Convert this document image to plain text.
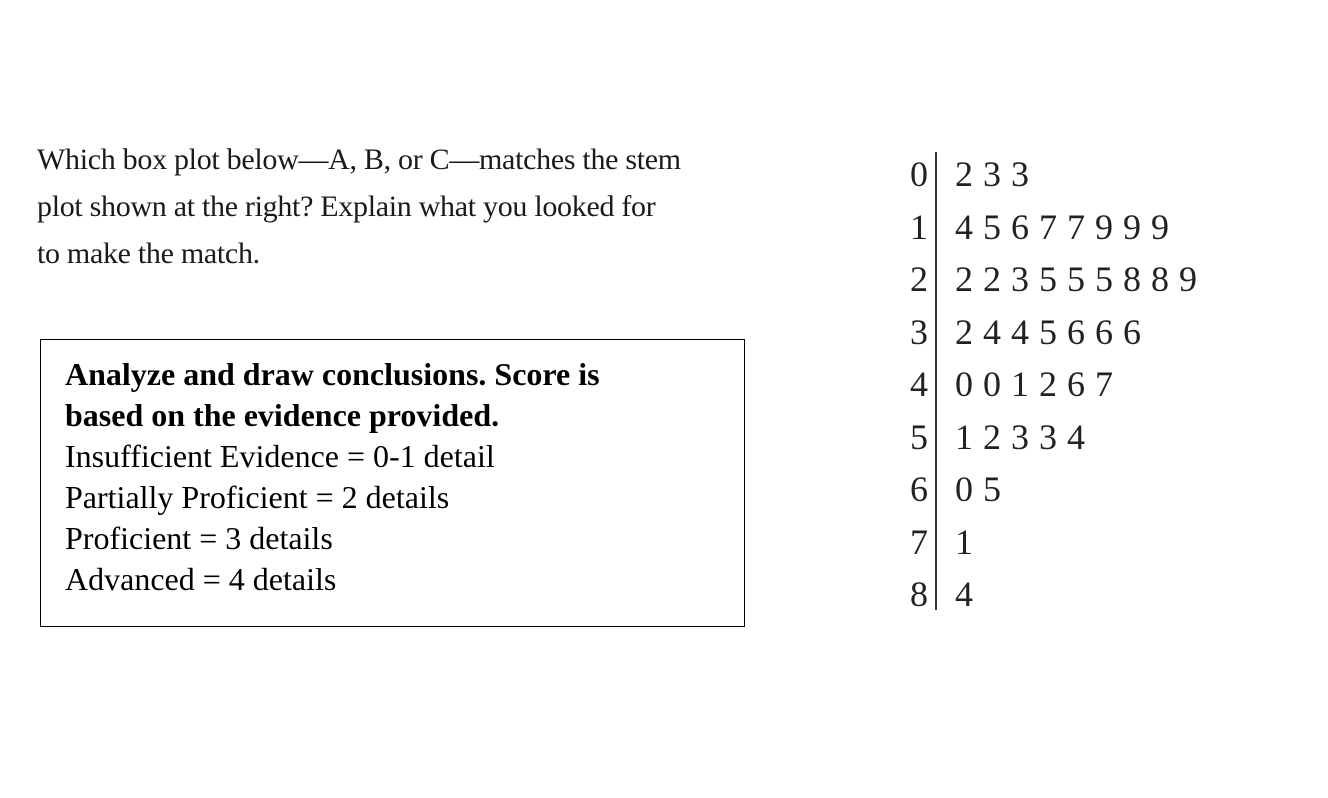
Which box plot below—A, B, or C—matches the stem
plot shown at the right? Explain what you looked for
to make the match.
Analyze and draw conclusions. Score is
based on the evidence provided.
Insufficient Evidence = 0-1 detail
Partially Proficient = 2 details
Proficient = 3 details
Advanced = 4 details
0 2 3 3
1 4 5 6 7 7 9 9 9
2 2 2 3 5 5 5 8 8 9
3 2 4 4 5 6 6 6
4 0 0 1 2 6 7
5 1 2 3 3 4
6 0 5
7 1
8 4
